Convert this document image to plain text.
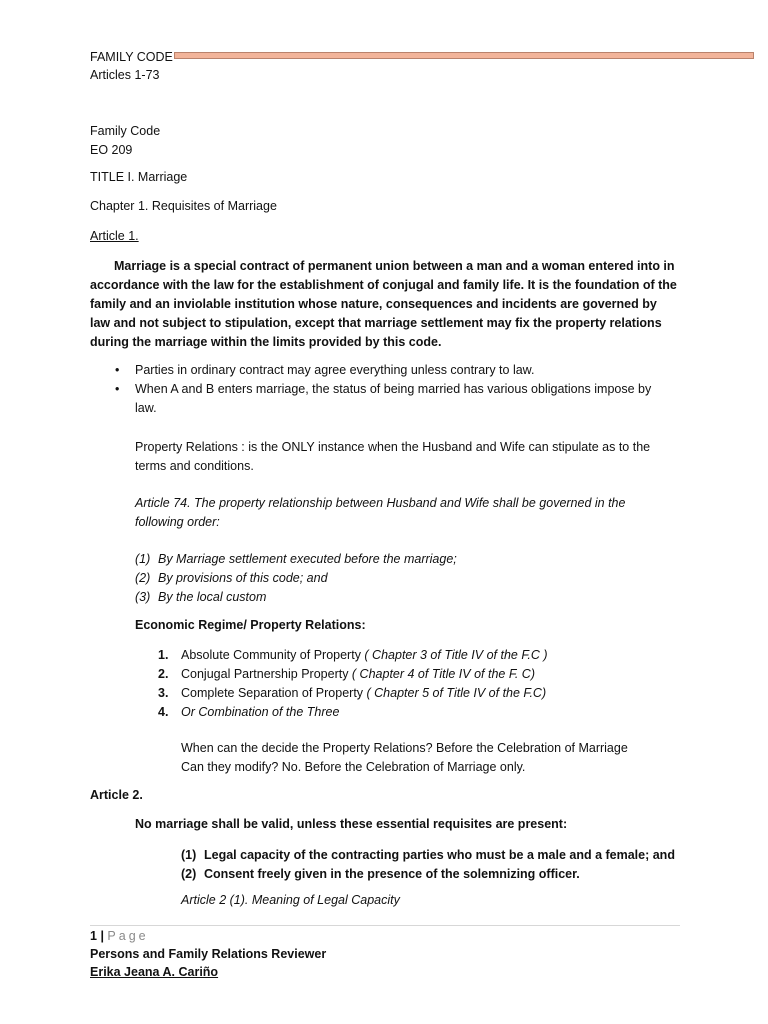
FAMILY CODE
Articles 1-73
Family Code
EO 209
TITLE I. Marriage
Chapter 1. Requisites of Marriage
Article 1.
Marriage is a special contract of permanent union between a man and a woman entered into in accordance with the law for the establishment of conjugal and family life. It is the foundation of the family and an inviolable institution whose nature, consequences and incidents are governed by law and not subject to stipulation, except that marriage settlement may fix the property relations during the marriage within the limits provided by this code.
• Parties in ordinary contract may agree everything unless contrary to law.
• When A and B enters marriage, the status of being married has various obligations impose by law.
Property Relations : is the ONLY instance when the Husband and Wife can stipulate as to the terms and conditions.
Article 74. The property relationship between Husband and Wife shall be governed in the following order:
(1) By Marriage settlement executed before the marriage;
(2) By provisions of this code; and
(3) By the local custom
Economic Regime/ Property Relations:
1. Absolute Community of Property ( Chapter 3 of Title IV of the F.C )
2. Conjugal Partnership Property ( Chapter 4 of Title IV of the F. C)
3. Complete Separation of Property ( Chapter 5 of Title IV of the F.C)
4. Or Combination of the Three
When can the decide the Property Relations? Before the Celebration of Marriage
Can they modify? No. Before the Celebration of Marriage only.
Article 2.
No marriage shall be valid, unless these essential requisites are present:
(1) Legal capacity of the contracting parties who must be a male and a female; and
(2) Consent freely given in the presence of the solemnizing officer.
Article 2 (1). Meaning of Legal Capacity
1 | Page
Persons and Family Relations Reviewer
Erika Jeana A. Cariño
